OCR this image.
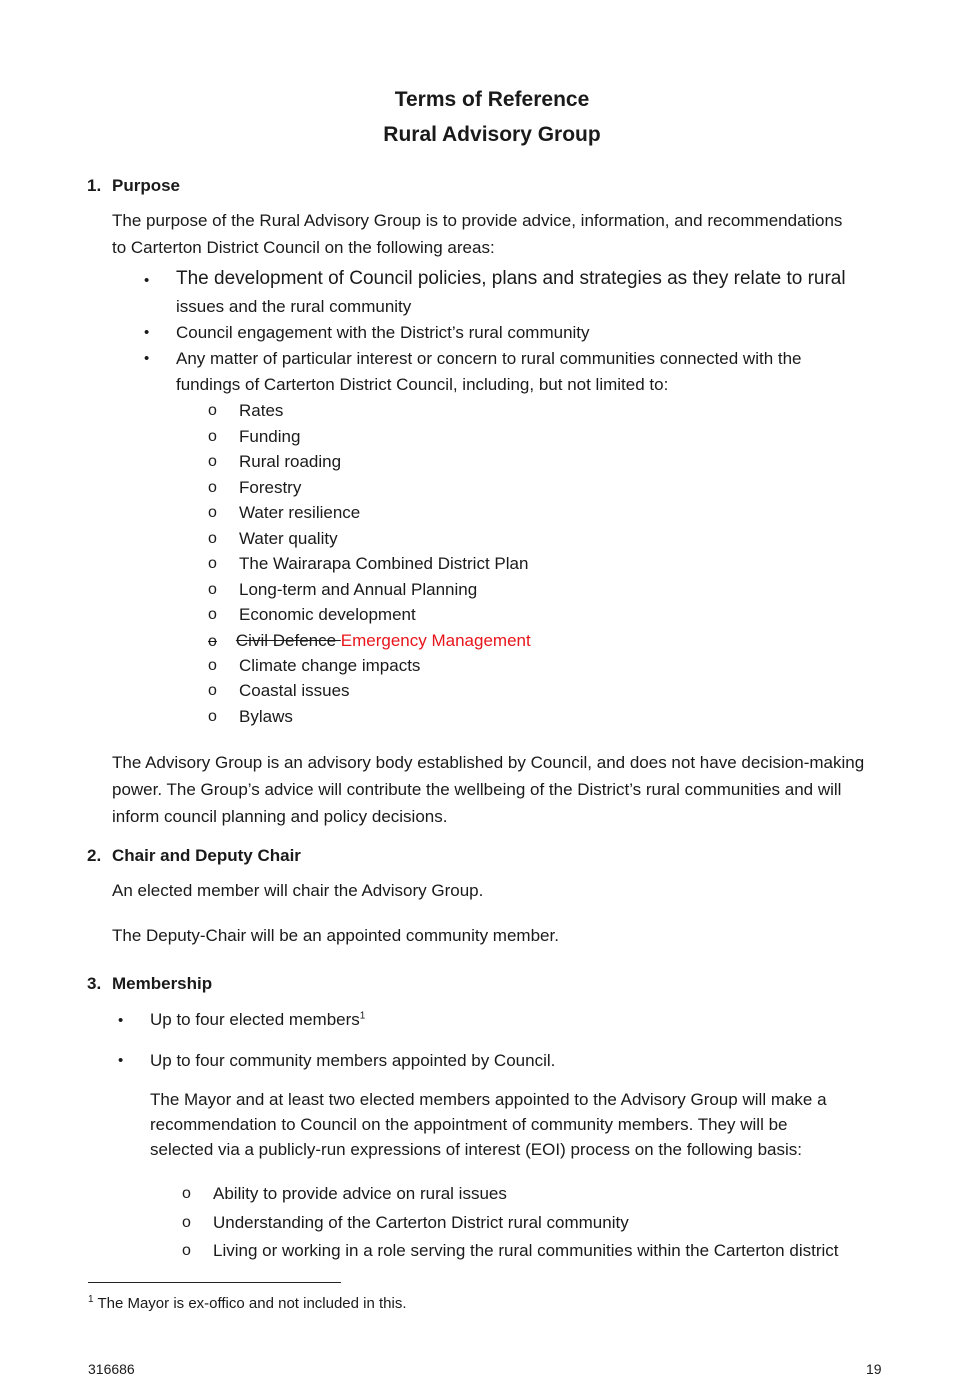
Terms of Reference
Rural Advisory Group
1. Purpose
The purpose of the Rural Advisory Group is to provide advice, information, and recommendations
to Carterton District Council on the following areas:
• The development of Council policies, plans and strategies as they relate to rural
issues and the rural community
• Council engagement with the District’s rural community
• Any matter of particular interest or concern to rural communities connected with the
fundings of Carterton District Council, including, but not limited to:
o Rates
o Funding
o Rural roading
o Forestry
o Water resilience
o Water quality
o The Wairarapa Combined District Plan
o Long-term and Annual Planning
o Economic development
o Civil Defence Emergency Management
o Climate change impacts
o Coastal issues
o Bylaws
The Advisory Group is an advisory body established by Council, and does not have decision-making
power. The Group’s advice will contribute the wellbeing of the District’s rural communities and will
inform council planning and policy decisions.
2. Chair and Deputy Chair
An elected member will chair the Advisory Group.
The Deputy-Chair will be an appointed community member.
3. Membership
• Up to four elected members$^1$
• Up to four community members appointed by Council.
The Mayor and at least two elected members appointed to the Advisory Group will make a
recommendation to Council on the appointment of community members. They will be
selected via a publicly-run expressions of interest (EOI) process on the following basis:
o Ability to provide advice on rural issues
o Understanding of the Carterton District rural community
o Living or working in a role serving the rural communities within the Carterton district
$^1$ The Mayor is ex-offico and not included in this.
316686	19
